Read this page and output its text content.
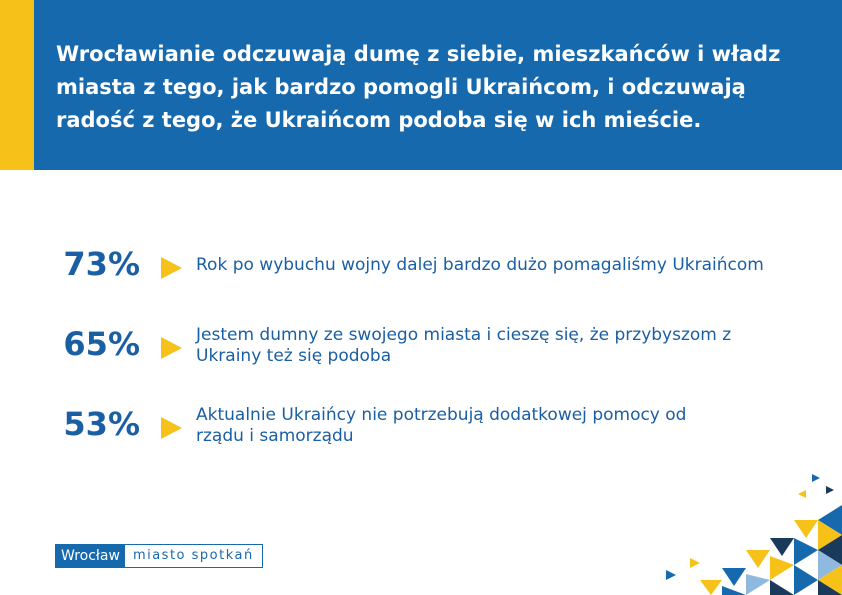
Wrocławianie odczuwają dumę z siebie, mieszkańców i władz miasta z tego, jak bardzo pomogli Ukraińcom, i odczuwają radość z tego, że Ukraińcom podoba się w ich mieście.

73%	Rok po wybuchu wojny dalej bardzo dużo pomagaliśmy Ukraińcom
65%	Jestem dumny ze swojego miasta i cieszę się, że przybyszom z Ukrainy też się podoba
53%	Aktualnie Ukraińcy nie potrzebują dodatkowej pomocy od rządu i samorządu
Wrocław	miasto spotkań
